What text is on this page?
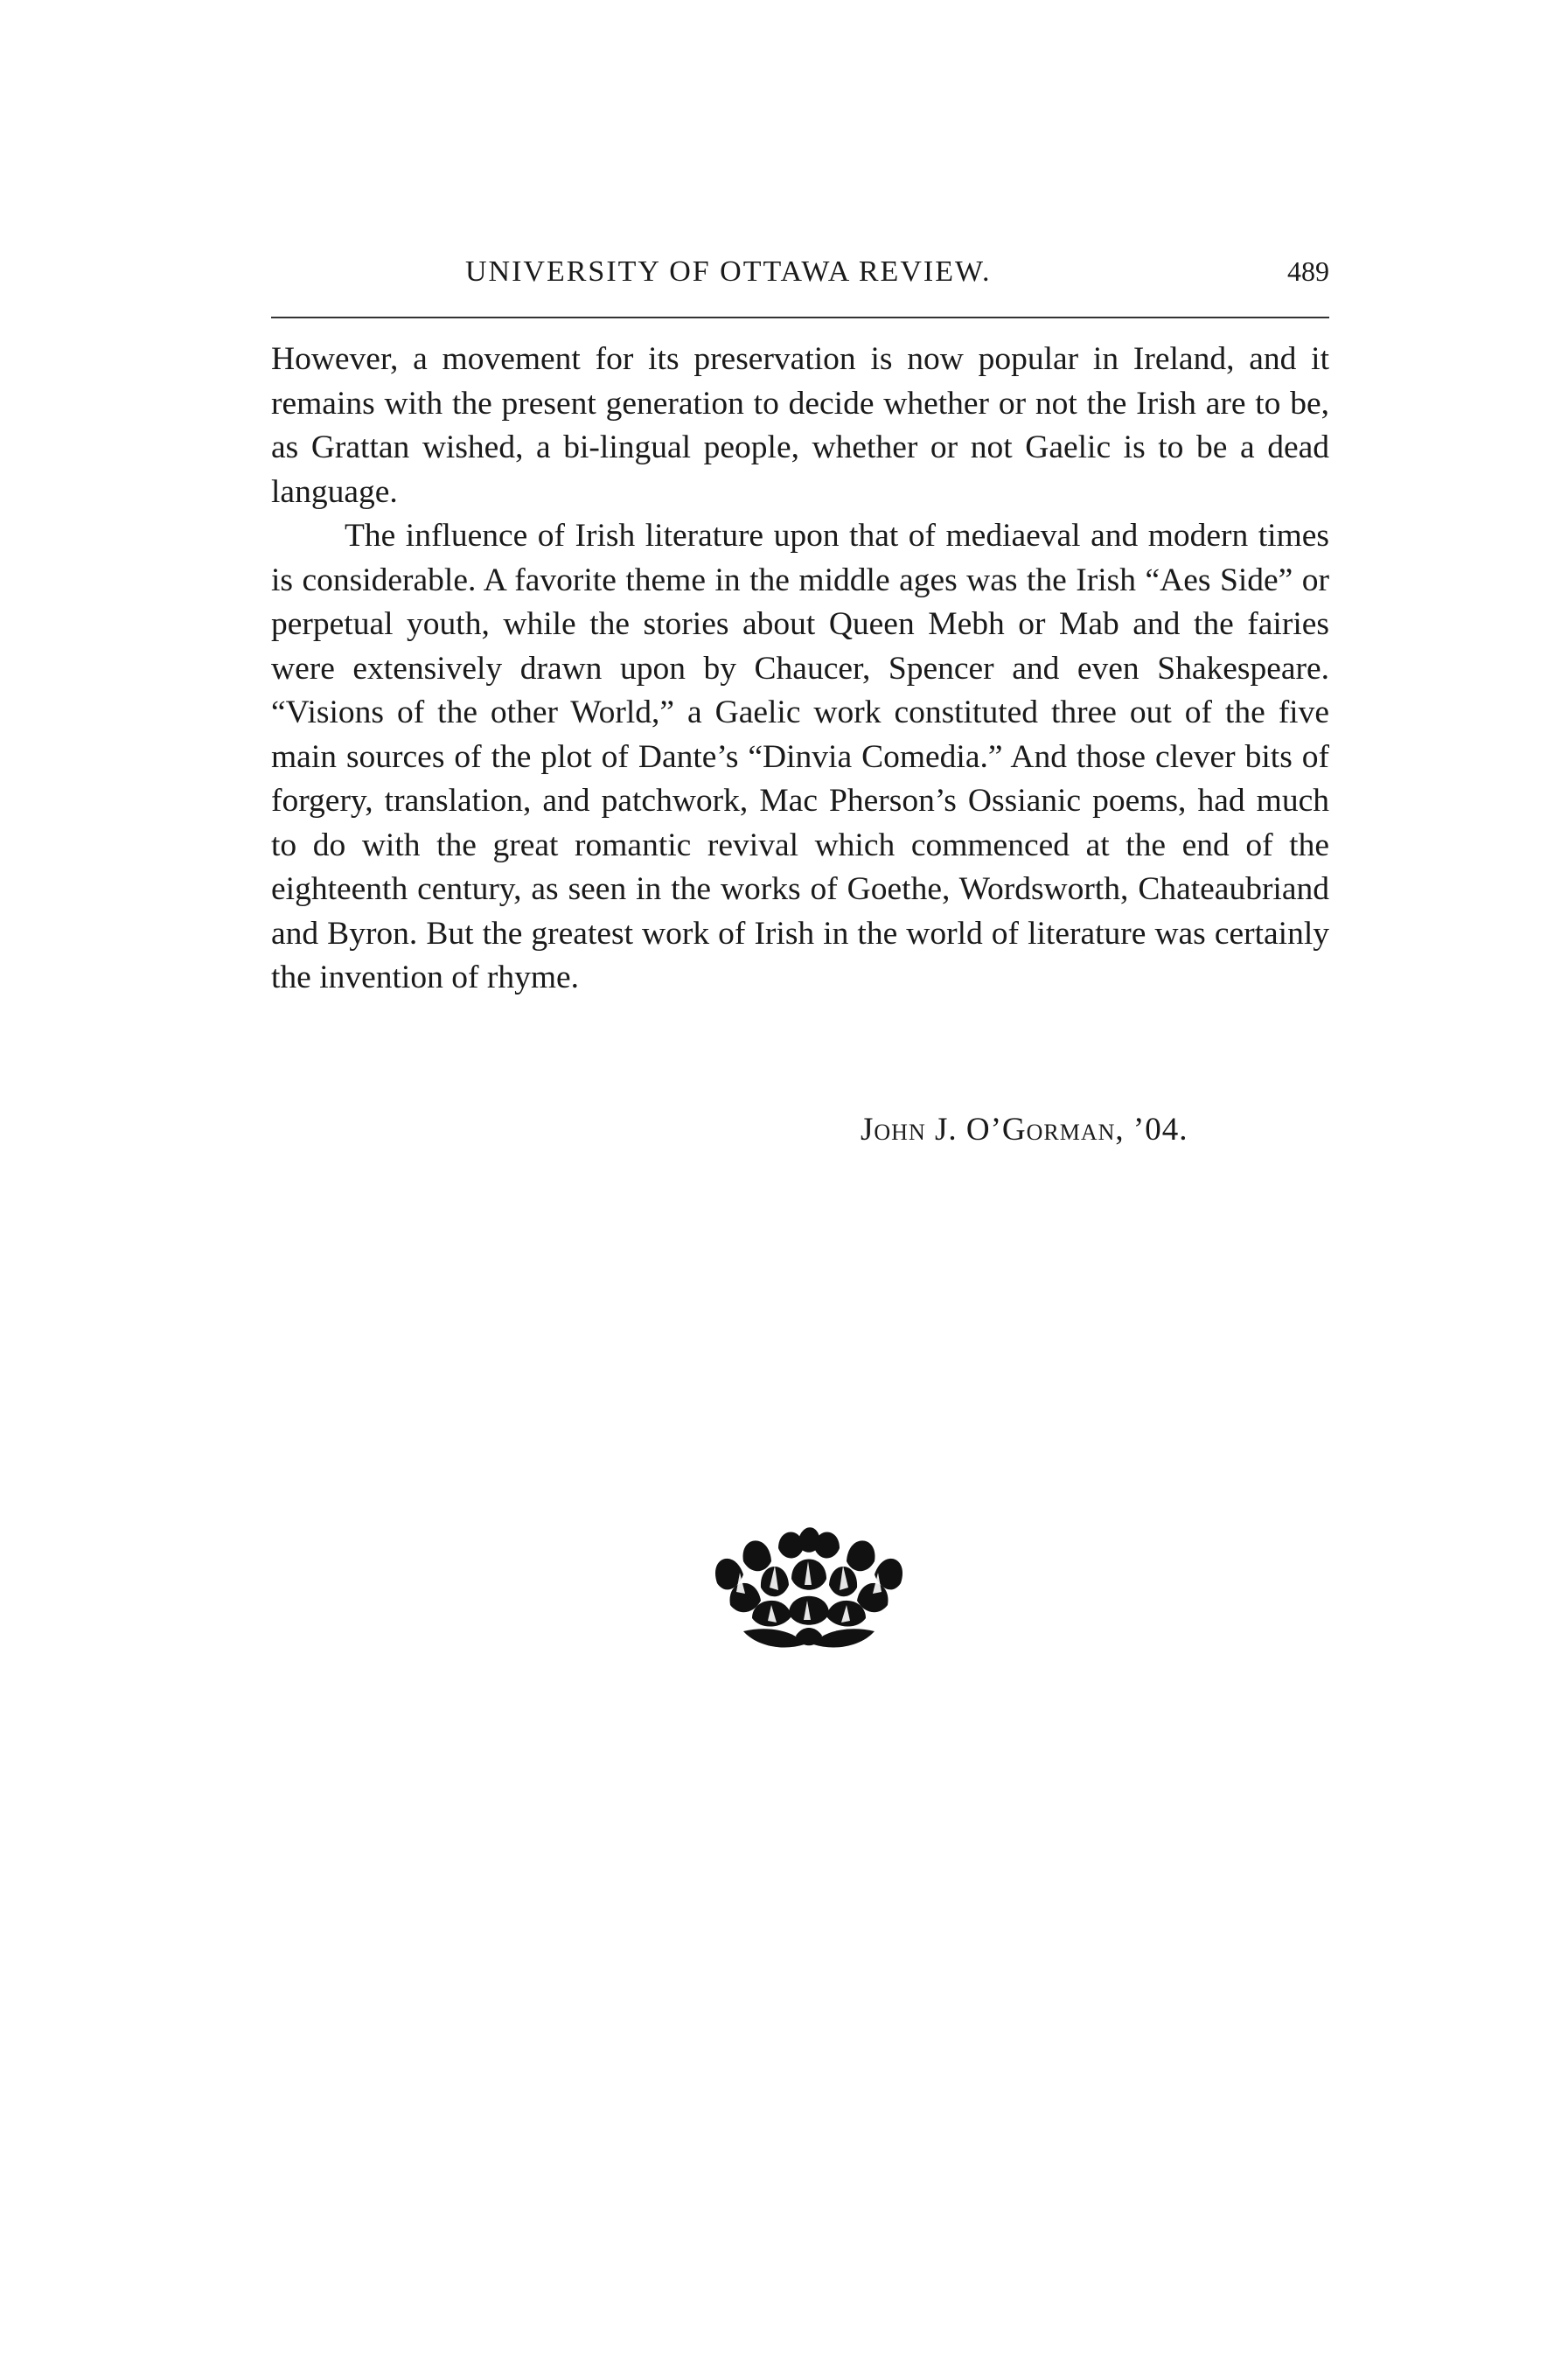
UNIVERSITY OF OTTAWA REVIEW.	489

However, a movement for its preservation is now popular in Ireland, and it remains with the present generation to decide whether or not the Irish are to be, as Grattan wished, a bi-lingual people, whether or not Gaelic is to be a dead language.

The influence of Irish literature upon that of mediaeval and modern times is considerable. A favorite theme in the middle ages was the Irish “Aes Side” or perpetual youth, while the stories about Queen Mebh or Mab and the fairies were extensively drawn upon by Chaucer, Spencer and even Shakespeare. “Visions of the other World,” a Gaelic work constituted three out of the five main sources of the plot of Dante’s “Dinvia Comedia.” And those clever bits of forgery, translation, and patchwork, Mac Pherson’s Ossianic poems, had much to do with the great romantic revival which commenced at the end of the eighteenth century, as seen in the works of Goethe, Wordsworth, Chateaubriand and Byron. But the greatest work of Irish in the world of literature was certainly the invention of rhyme.

John J. O’Gorman, ’04.
